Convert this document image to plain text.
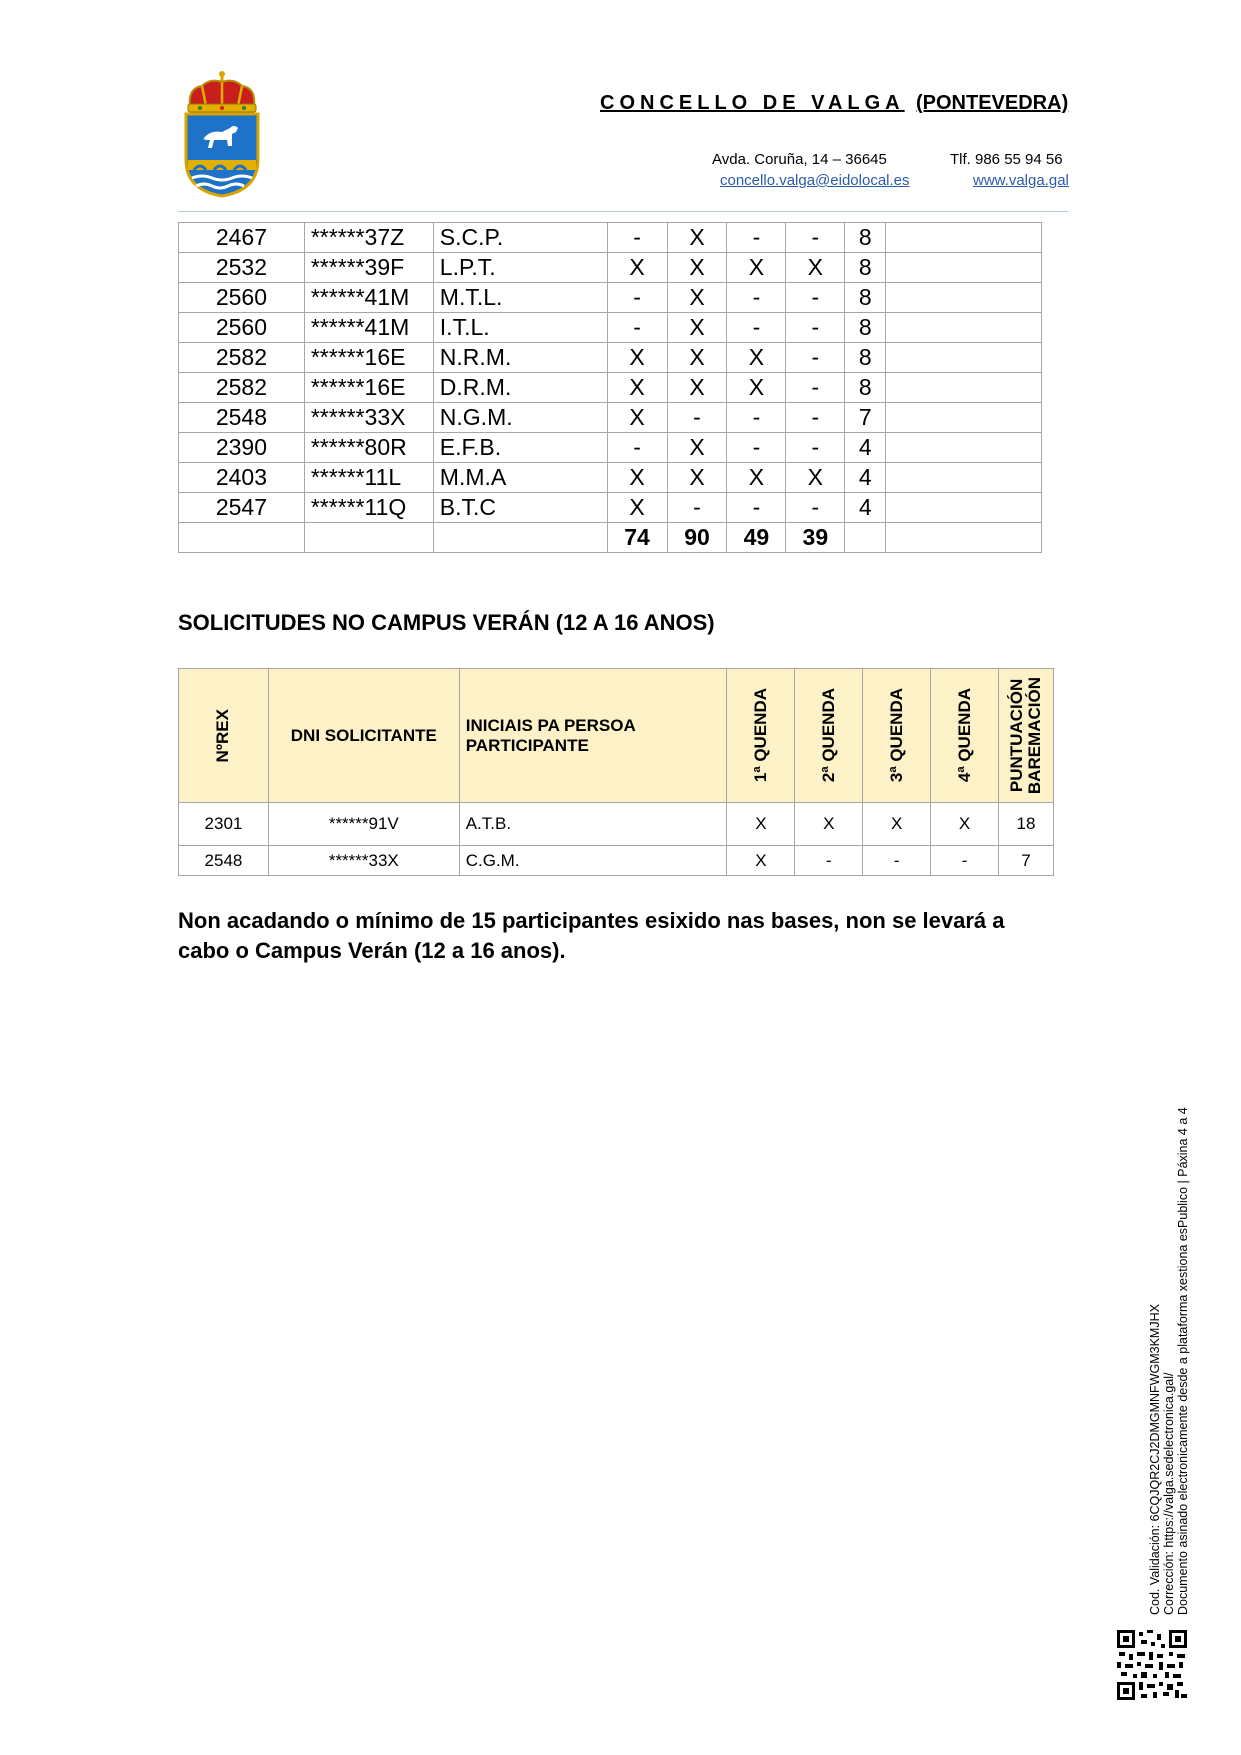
CONCELLO DE VALGA (PONTEVEDRA)
Avda. Coruña, 14 – 36645	Tlf. 986 55 94 56
concello.valga@eidolocal.es	www.valga.gal
2467	******37Z	S.C.P.	-	X	-	-	8	
2532	******39F	L.P.T.	X	X	X	X	8	
2560	******41M	M.T.L.	-	X	-	-	8	
2560	******41M	I.T.L.	-	X	-	-	8	
2582	******16E	N.R.M.	X	X	X	-	8	
2582	******16E	D.R.M.	X	X	X	-	8	
2548	******33X	N.G.M.	X	-	-	-	7	
2390	******80R	E.F.B.	-	X	-	-	4	
2403	******11L	M.M.A	X	X	X	X	4	
2547	******11Q	B.T.C	X	-	-	-	4	
			74	90	49	39		
SOLICITUDES NO CAMPUS VERÁN (12 A 16 ANOS)
NºREX	DNI SOLICITANTE	INICIAIS PA PERSOA PARTICIPANTE	1ª QUENDA	2ª QUENDA	3ª QUENDA	4ª QUENDA	PUNTUACIÓN
BAREMACIÓN

2301	******91V	A.T.B.	X	X	X	X	18
2548	******33X	C.G.M.	X	-	-	-	7
Non acadando o mínimo de 15 participantes esixido nas bases, non se levará a cabo o Campus Verán (12 a 16 anos).
Cod. Validación: 6CQJQR2CJ2DMGMNFWGM3KMJHX Corrección: https://valga.sedelectronica.gal/ Documento asinado electronicamente desde a plataforma xestiona esPublico | Páxina 4 a 4
